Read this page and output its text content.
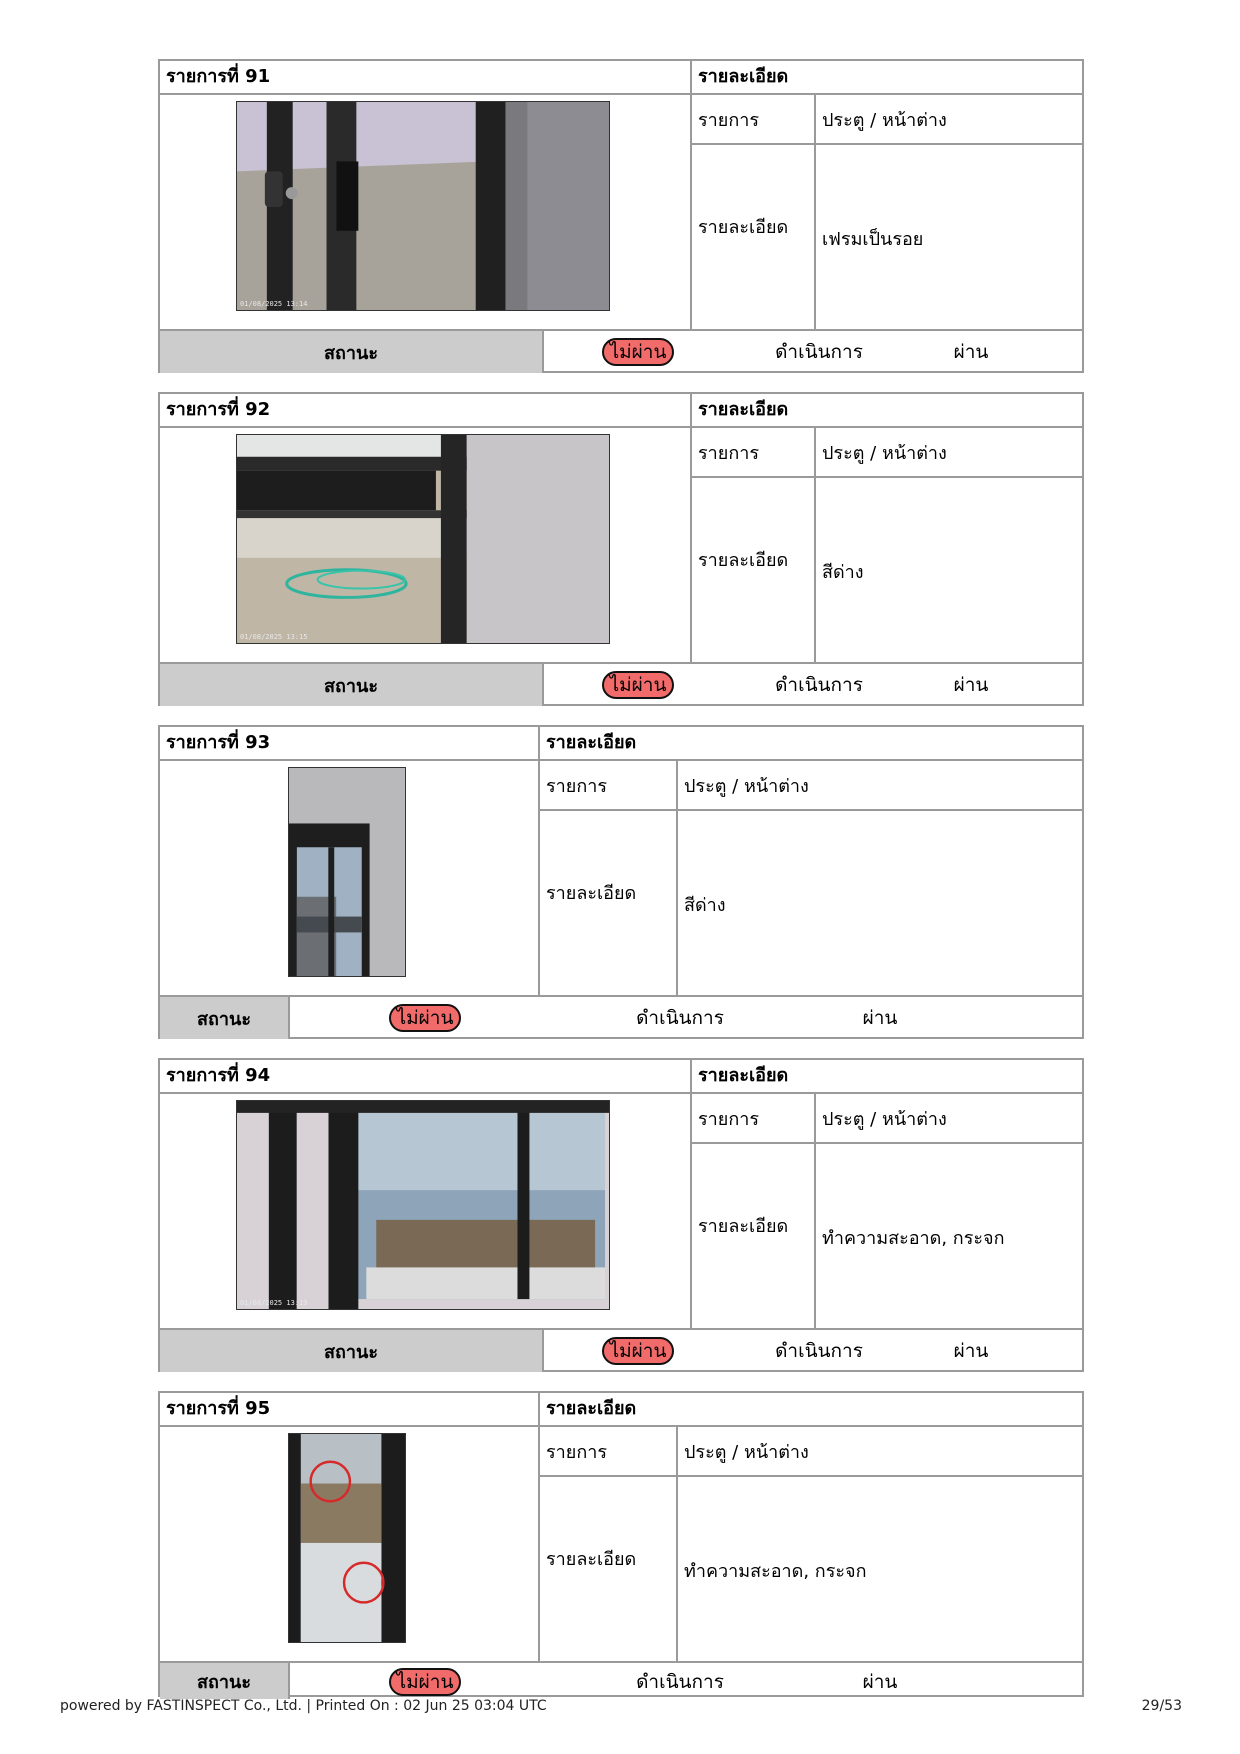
รายการที่ 91	รายละเอียด
01/08/2025 13:14
รายการ	ประตู / หน้าต่าง
รายละเอียด
เฟรมเป็นรอย
สถานะ	ไม่ผ่าน	ดำเนินการ	ผ่าน
รายการที่ 92	รายละเอียด
01/08/2025 13:15
รายการ	ประตู / หน้าต่าง
รายละเอียด
สีด่าง
สถานะ	ไม่ผ่าน	ดำเนินการ	ผ่าน
รายการที่ 93	รายละเอียด
รายการ	ประตู / หน้าต่าง
รายละเอียด
สีด่าง
สถานะ	ไม่ผ่าน	ดำเนินการ	ผ่าน
รายการที่ 94	รายละเอียด
01/08/2025 13:19
รายการ	ประตู / หน้าต่าง
รายละเอียด
ทำความสะอาด, กระจก
สถานะ	ไม่ผ่าน	ดำเนินการ	ผ่าน
รายการที่ 95	รายละเอียด
รายการ	ประตู / หน้าต่าง
รายละเอียด
ทำความสะอาด, กระจก
สถานะ	ไม่ผ่าน	ดำเนินการ	ผ่าน
powered by FASTINSPECT Co., Ltd. | Printed On : 02 Jun 25 03:04 UTC	29/53
